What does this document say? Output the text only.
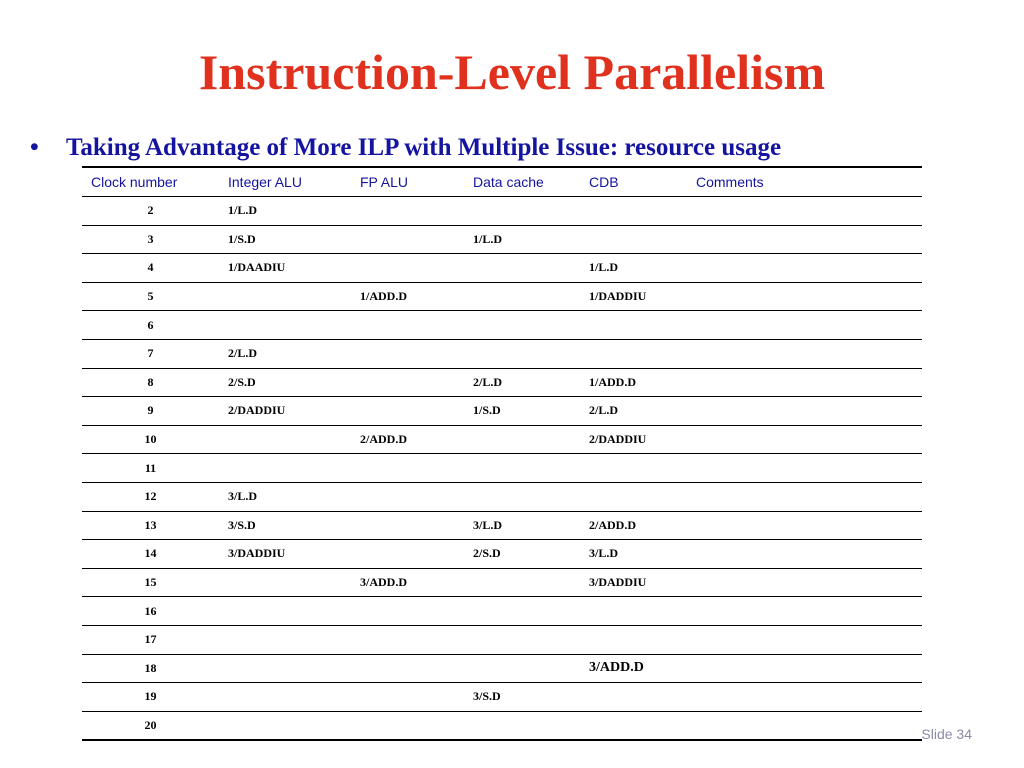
Instruction-Level Parallelism
•	Taking Advantage of More ILP with Multiple Issue: resource usage
Clock number	Integer ALU	FP ALU	Data cache	CDB	Comments
2	1/L.D				
3	1/S.D		1/L.D		
4	1/DAADIU			1/L.D	
5		1/ADD.D		1/DADDIU	
6					
7	2/L.D				
8	2/S.D		2/L.D	1/ADD.D	
9	2/DADDIU		1/S.D	2/L.D	
10		2/ADD.D		2/DADDIU	
11					
12	3/L.D				
13	3/S.D		3/L.D	2/ADD.D	
14	3/DADDIU		2/S.D	3/L.D	
15		3/ADD.D		3/DADDIU	
16					
17					
18				3/ADD.D	
19			3/S.D		
20					
Slide 34
